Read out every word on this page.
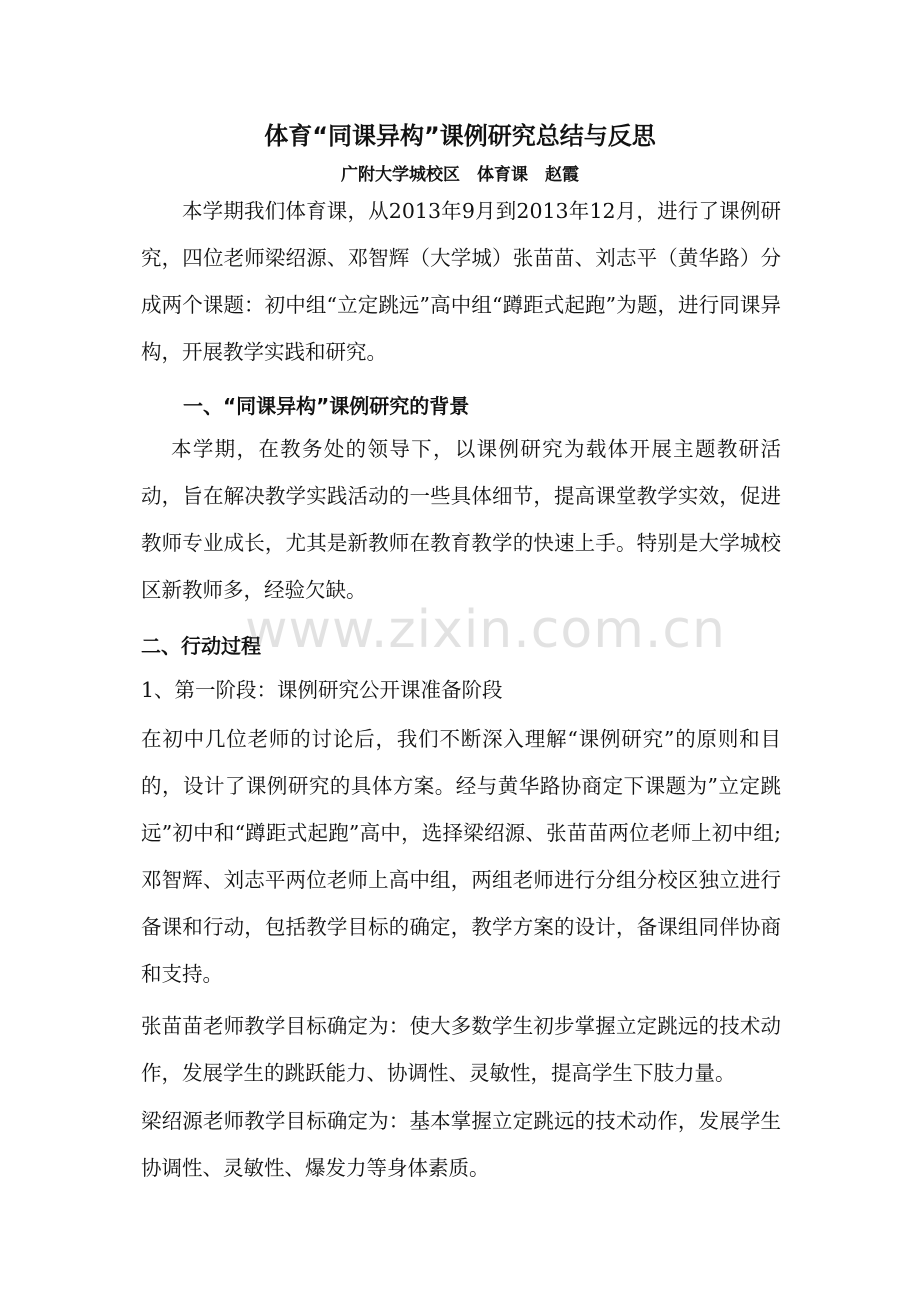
体育“同课异构”课例研究总结与反思
广附大学城校区　体育课　赵霞

本学期我们体育课，从2013年9月到2013年12月，进行了课例研究，四位老师梁绍源、邓智辉（大学城）张苗苗、刘志平（黄华路）分成两个课题：初中组“立定跳远”高中组“蹲距式起跑”为题，进行同课异构，开展教学实践和研究。

一、“同课异构”课例研究的背景

本学期，在教务处的领导下，以课例研究为载体开展主题教研活动，旨在解决教学实践活动的一些具体细节，提高课堂教学实效，促进教师专业成长，尤其是新教师在教育教学的快速上手。特别是大学城校区新教师多，经验欠缺。

二、行动过程

1、第一阶段：课例研究公开课准备阶段

在初中几位老师的讨论后，我们不断深入理解“课例研究”的原则和目的，设计了课例研究的具体方案。经与黄华路协商定下课题为”立定跳远”初中和“蹲距式起跑”高中，选择梁绍源、张苗苗两位老师上初中组;邓智辉、刘志平两位老师上高中组，两组老师进行分组分校区独立进行备课和行动，包括教学目标的确定，教学方案的设计，备课组同伴协商和支持。

张苗苗老师教学目标确定为：使大多数学生初步掌握立定跳远的技术动作，发展学生的跳跃能力、协调性、灵敏性，提高学生下肢力量。

梁绍源老师教学目标确定为：基本掌握立定跳远的技术动作，发展学生协调性、灵敏性、爆发力等身体素质。

www.zixin.com.cn
